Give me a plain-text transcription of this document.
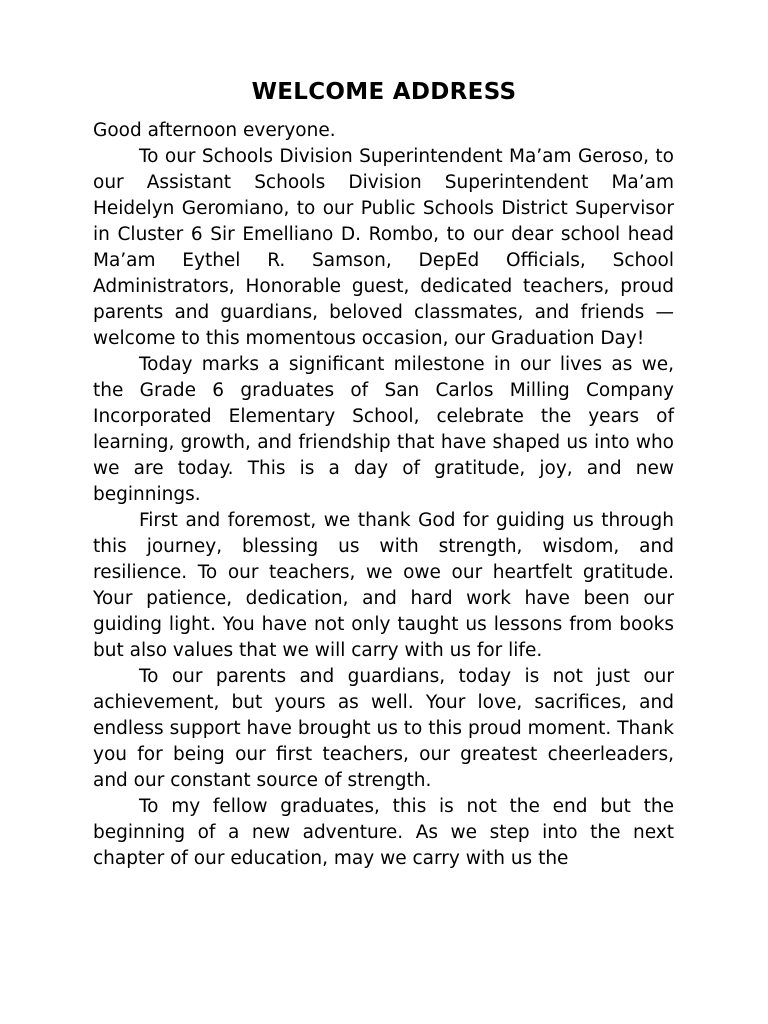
WELCOME ADDRESS

Good afternoon everyone.

To our Schools Division Superintendent Ma’am Geroso, to our Assistant Schools Division Superintendent Ma’am Heidelyn Geromiano, to our Public Schools District Supervisor in Cluster 6 Sir Emelliano D. Rombo, to our dear school head Ma’am Eythel R. Samson, DepEd Officials, School Administrators, Honorable guest, dedicated teachers, proud parents and guardians, beloved classmates, and friends — welcome to this momentous occasion, our Graduation Day!

Today marks a significant milestone in our lives as we, the Grade 6 graduates of San Carlos Milling Company Incorporated Elementary School, celebrate the years of learning, growth, and friendship that have shaped us into who we are today. This is a day of gratitude, joy, and new beginnings.

First and foremost, we thank God for guiding us through this journey, blessing us with strength, wisdom, and resilience. To our teachers, we owe our heartfelt gratitude. Your patience, dedication, and hard work have been our guiding light. You have not only taught us lessons from books but also values that we will carry with us for life.

To our parents and guardians, today is not just our achievement, but yours as well. Your love, sacrifices, and endless support have brought us to this proud moment. Thank you for being our first teachers, our greatest cheerleaders, and our constant source of strength.

To my fellow graduates, this is not the end but the beginning of a new adventure. As we step into the next chapter of our education, may we carry with us the
